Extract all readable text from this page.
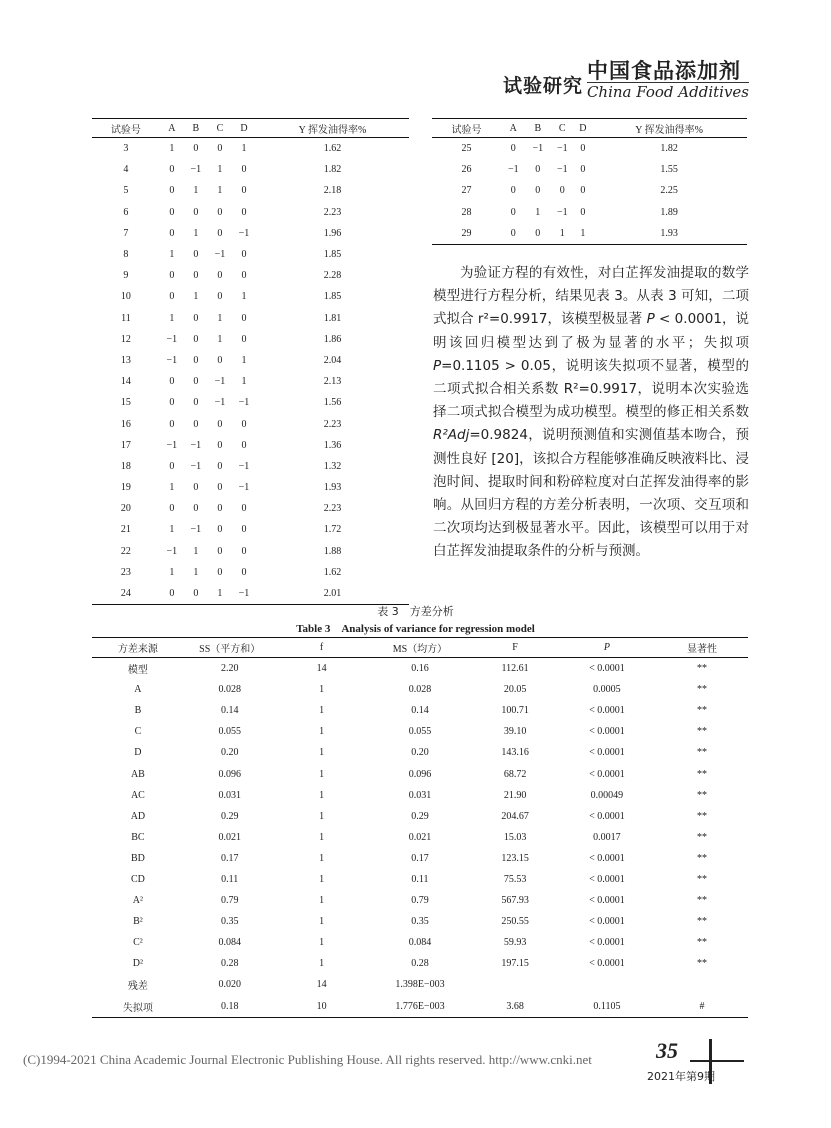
试验研究
中国食品添加剂
China Food Additives
试验号	A	B	C	D	Y 挥发油得率%
3	1	0	0	1	1.62
4	0	−1	1	0	1.82
5	0	1	1	0	2.18
6	0	0	0	0	2.23
7	0	1	0	−1	1.96
8	1	0	−1	0	1.85
9	0	0	0	0	2.28
10	0	1	0	1	1.85
11	1	0	1	0	1.81
12	−1	0	1	0	1.86
13	−1	0	0	1	2.04
14	0	0	−1	1	2.13
15	0	0	−1	−1	1.56
16	0	0	0	0	2.23
17	−1	−1	0	0	1.36
18	0	−1	0	−1	1.32
19	1	0	0	−1	1.93
20	0	0	0	0	2.23
21	1	−1	0	0	1.72
22	−1	1	0	0	1.88
23	1	1	0	0	1.62
24	0	0	1	−1	2.01
试验号	A	B	C	D	Y 挥发油得率%
25	0	−1	−1	0	1.82
26	−1	0	−1	0	1.55
27	0	0	0	0	2.25
28	0	1	−1	0	1.89
29	0	0	1	1	1.93

为验证方程的有效性，对白芷挥发油提取的数学模型进行方程分析，结果见表 3。从表 3 可知，二项式拟合 r²=0.9917，该模型极显著 P < 0.0001，说明该回归模型达到了极为显著的水平；失拟项 P=0.1105 > 0.05，说明该失拟项不显著，模型的二项式拟合相关系数 R²=0.9917，说明本次实验选择二项式拟合模型为成功模型。模型的修正相关系数 R²Adj=0.9824，说明预测值和实测值基本吻合，预测性良好 [20]，该拟合方程能够准确反映液料比、浸泡时间、提取时间和粉碎粒度对白芷挥发油得率的影响。从回归方程的方差分析表明，一次项、交互项和二次项均达到极显著水平。因此，该模型可以用于对白芷挥发油提取条件的分析与预测。

表 3　方差分析
Table 3　Analysis of variance for regression model
方差来源	SS（平方和）	f	MS（均方）	F	P	显著性
模型	2.20	14	0.16	112.61	< 0.0001	**
A	0.028	1	0.028	20.05	0.0005	**
B	0.14	1	0.14	100.71	< 0.0001	**
C	0.055	1	0.055	39.10	< 0.0001	**
D	0.20	1	0.20	143.16	< 0.0001	**
AB	0.096	1	0.096	68.72	< 0.0001	**
AC	0.031	1	0.031	21.90	0.00049	**
AD	0.29	1	0.29	204.67	< 0.0001	**
BC	0.021	1	0.021	15.03	0.0017	**
BD	0.17	1	0.17	123.15	< 0.0001	**
CD	0.11	1	0.11	75.53	< 0.0001	**
A²	0.79	1	0.79	567.93	< 0.0001	**
B²	0.35	1	0.35	250.55	< 0.0001	**
C²	0.084	1	0.084	59.93	< 0.0001	**
D²	0.28	1	0.28	197.15	< 0.0001	**
残差	0.020	14	1.398E−003			
失拟项	0.18	10	1.776E−003	3.68	0.1105	#
(C)1994-2021 China Academic Journal Electronic Publishing House. All rights reserved. http://www.cnki.net	35
2021年第9期
